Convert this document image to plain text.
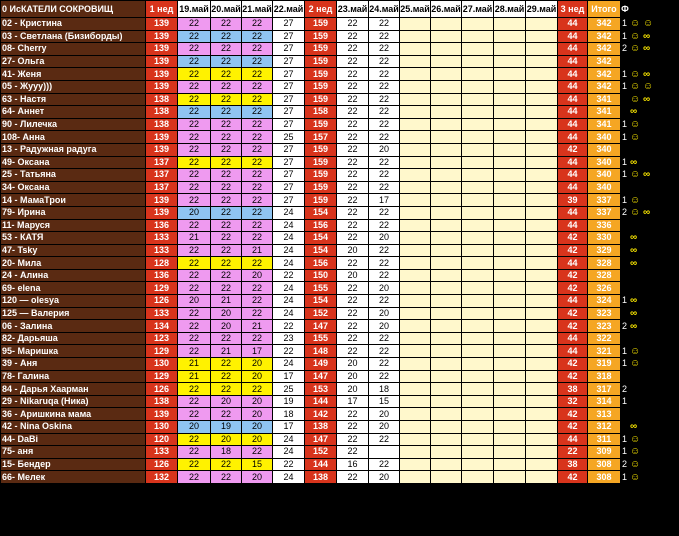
0 ИсКАТЕЛИ СОКРОВИЩ	1 нед	19.май	20.май	21.май	22.май	2 нед	23.май	24.май	25.май	26.май	27.май	28.май	29.май	3 нед	Итого	Ф	
02 - Кристина	139	22	22	22	27	159	22	22						44	342	1	☺ ☺
03 - Светлана (Бизиборды)	139	22	22	22	27	159	22	22						44	342	1	☺ ∞
08- Cherry	139	22	22	22	27	159	22	22						44	342	2	☺ ∞
27- Ольга	139	22	22	22	27	159	22	22						44	342		
41- Женя	139	22	22	22	27	159	22	22						44	342	1	☺ ∞
05 - Жууу)))	139	22	22	22	27	159	22	22						44	342	1	☺ ☺
63 - Настя	138	22	22	22	27	159	22	22						44	341		☺ ∞
64- Аннет	138	22	22	22	27	158	22	22						44	341		∞
90 - Лилечка	138	22	22	22	27	159	22	22						44	341	1	☺
108- Анна	139	22	22	22	25	157	22	22						44	340	1	☺
13 - Радужная радуга	139	22	22	22	27	159	22	20						42	340		
49- Оксана	137	22	22	22	27	159	22	22						44	340	1	∞
25 - Татьяна	137	22	22	22	27	159	22	22						44	340	1	☺ ∞
34- Оксана	137	22	22	22	27	159	22	22						44	340		
14 - МамаТрои	139	22	22	22	27	159	22	17						39	337	1	☺
79- Ирина	139	20	22	22	24	154	22	22						44	337	2	☺ ∞
11- Маруся	136	22	22	22	24	156	22	22						44	336		
53 - КАТЯ	133	21	22	22	24	154	22	20						42	330		∞
47- Tsky	133	22	22	21	24	154	20	22						42	329		∞
20- Мила	128	22	22	22	24	156	22	22						44	328		∞
24 - Алина	136	22	22	20	22	150	20	22						42	328		
69- elena	129	22	22	22	24	155	22	20						42	326		
120 — olesya	126	20	21	22	24	154	22	22						44	324	1	∞
125 — Валерия	133	22	20	22	24	152	22	20						42	323		∞
06 - Залина	134	22	20	21	22	147	22	20						42	323	2	∞
82- Дарьяша	123	22	22	22	23	155	22	22						44	322		
95- Маришка	129	22	21	17	22	148	22	22						44	321	1	☺
39 - Аня	130	21	22	20	24	149	20	22						42	319	1	☺
78- Галина	129	21	22	20	17	147	20	22						42	318		
84 - Дарья Хаарман	126	22	22	22	25	153	20	18						38	317	2	
29 - Nikaruqa (Ника)	138	22	20	20	19	144	17	15						32	314	1	
36 - Аришкина мама	139	22	22	20	18	142	22	20						42	313		
42 - Nina Oskina	130	20	19	20	17	138	22	20						42	312		∞
44- DaBi	120	22	20	20	24	147	22	22						44	311	1	☺
75- аня	133	22	18	22	24	152	22							22	309	1	☺
15- Бендер	126	22	22	15	22	144	16	22						38	308	2	☺
66- Мелек	132	22	22	20	24	138	22	20						42	308	1	☺
